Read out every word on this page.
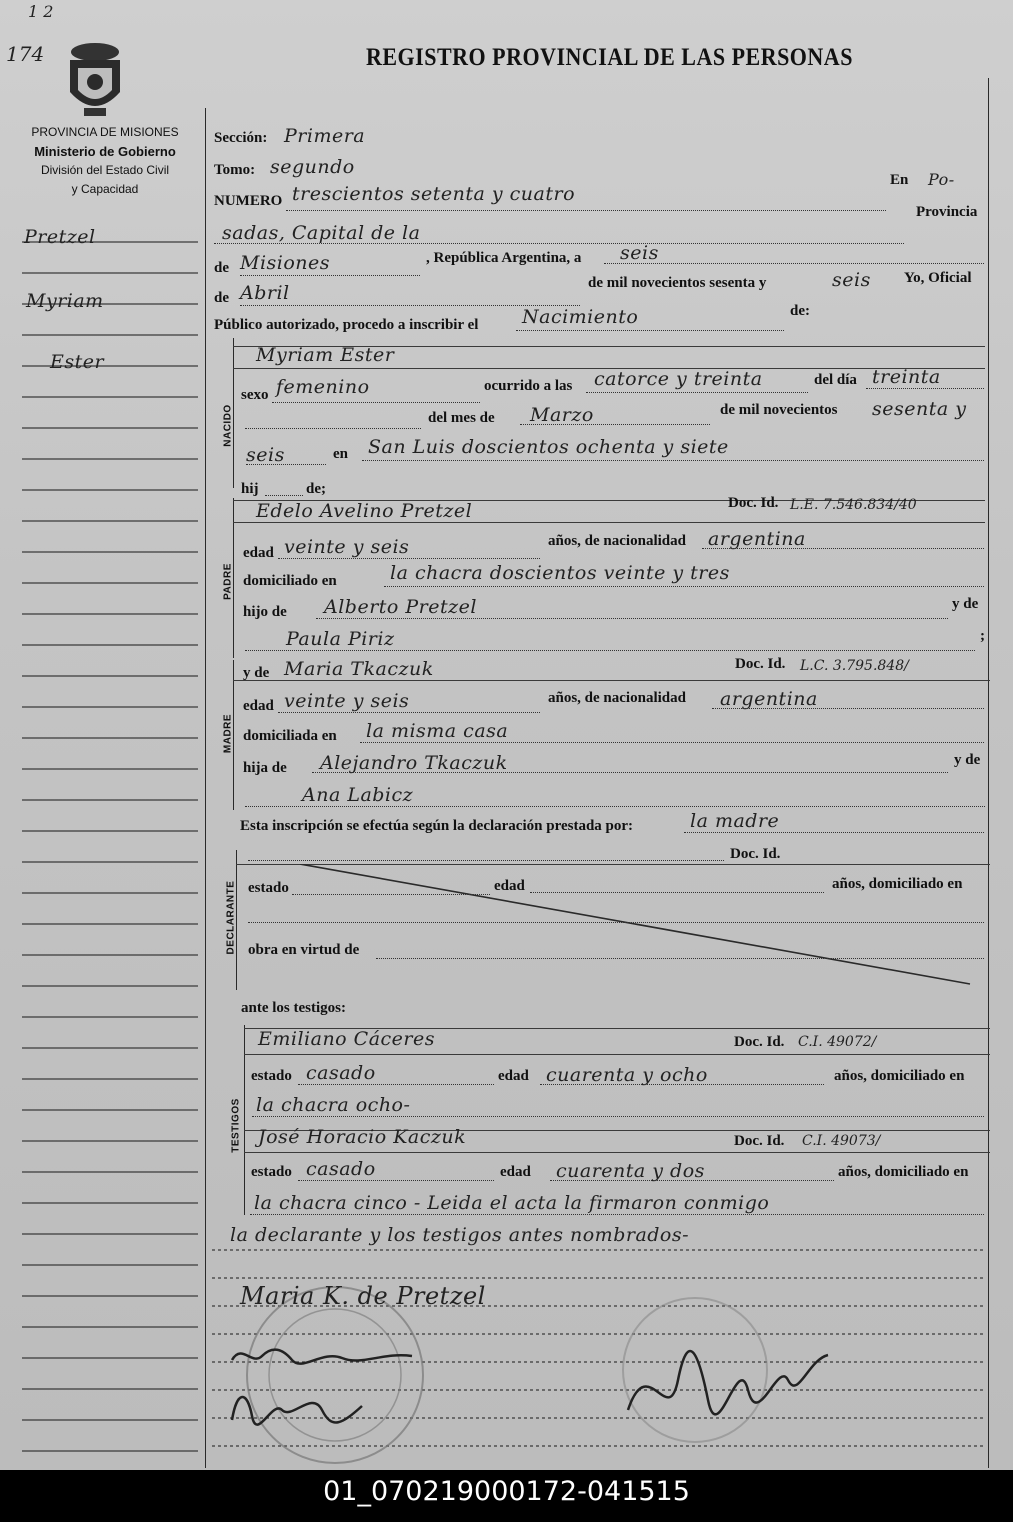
1 2
174	REGISTRO PROVINCIAL DE LAS PERSONAS
PROVINCIA DE MISIONES
Ministerio de Gobierno
División del Estado Civil
y Capacidad
Pretzel
Myriam
Ester
Sección: Primera
Tomo: segundo
NUMERO trescientos setenta y cuatro
En Po-
sadas, Capital de la
Provincia
de Misiones	, República Argentina, a seis
de Abril	de mil novecientos sesenta y	seis Yo, Oficial
Público autorizado, procedo a inscribir el Nacimiento	de:
NACIDO
Myriam Ester
sexo femenino	ocurrido a las catorce y treinta	del día treinta
del mes de Marzo	de mil novecientos sesenta y
seis	en San Luis doscientos ochenta y siete
hij	de;
PADRE
Edelo Avelino Pretzel	Doc. Id. L.E. 7.546.834/40
edad veinte y seis	años, de nacionalidad argentina
domiciliado en	la chacra doscientos veinte y tres
hijo de Alberto Pretzel	y de
Paula Piriz	;
MADRE
y de Maria Tkaczuk	Doc. Id. L.C. 3.795.848/
edad veinte y seis	años, de nacionalidad argentina
domiciliada en la misma casa
hija de Alejandro Tkaczuk	y de
Ana Labicz
Esta inscripción se efectúa según la declaración prestada por:	la madre
DECLARANTE
Doc. Id.
estado	edad	años, domiciliado en
obra en virtud de
ante los testigos:
TESTIGOS
Emiliano Cáceres	Doc. Id. C.I. 49072/
estado casado	edad cuarenta y ocho	años, domiciliado en
la chacra ocho-
José Horacio Kaczuk	Doc. Id. C.I. 49073/
estado casado	edad cuarenta y dos	años, domiciliado en
la chacra cinco - Leida el acta la firmaron conmigo
la declarante y los testigos antes nombrados-
Maria K. de Pretzel
01_070219000172-041515
